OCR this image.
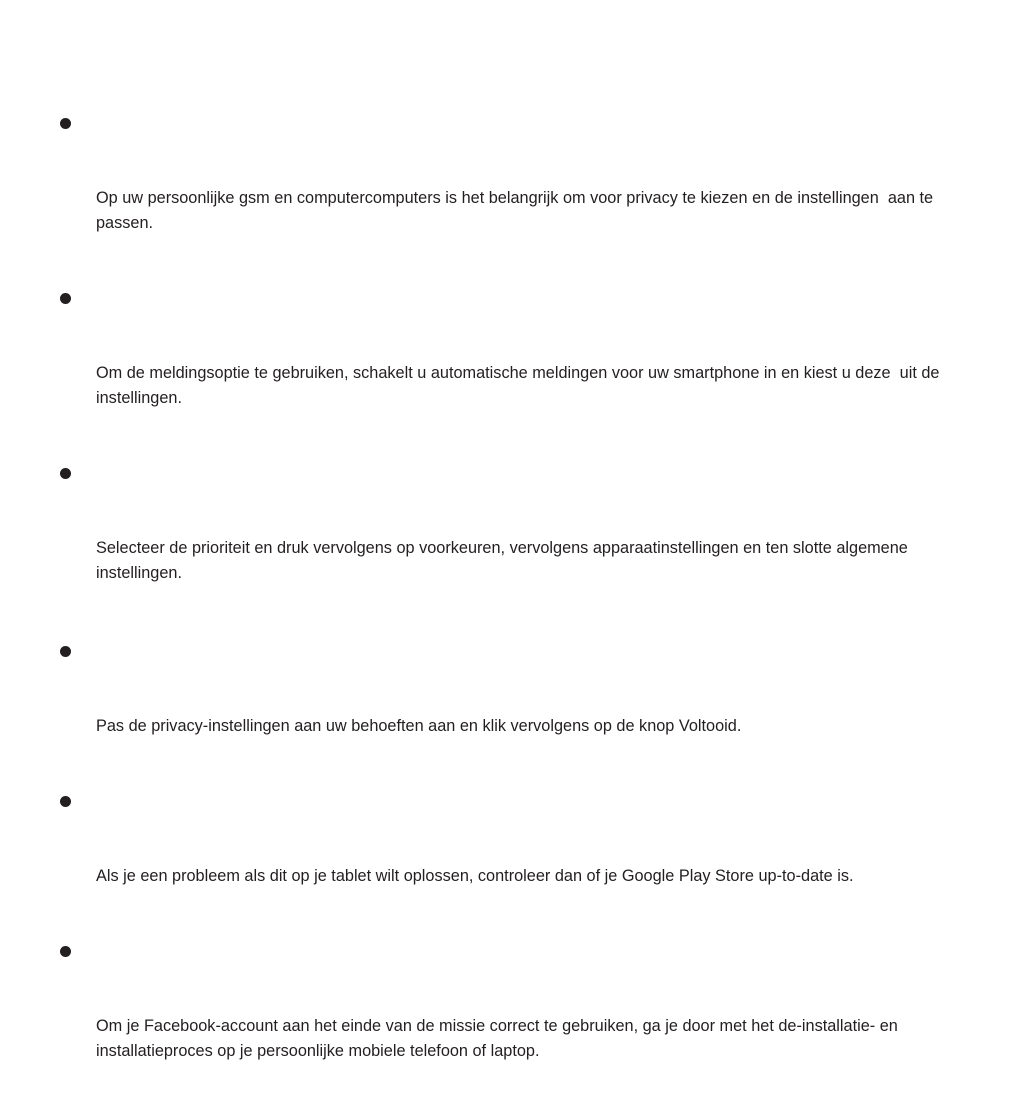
Op uw persoonlijke gsm en computercomputers is het belangrijk om voor privacy te kiezen en de instellingen  aan te passen.

Om de meldingsoptie te gebruiken, schakelt u automatische meldingen voor uw smartphone in en kiest u deze  uit de instellingen.

Selecteer de prioriteit en druk vervolgens op voorkeuren, vervolgens apparaatinstellingen en ten slotte algemene instellingen.

Pas de privacy-instellingen aan uw behoeften aan en klik vervolgens op de knop Voltooid.

Als je een probleem als dit op je tablet wilt oplossen, controleer dan of je Google Play Store up-to-date is.

Om je Facebook-account aan het einde van de missie correct te gebruiken, ga je door met het de-installatie- en  installatieproces op je persoonlijke mobiele telefoon of laptop.
